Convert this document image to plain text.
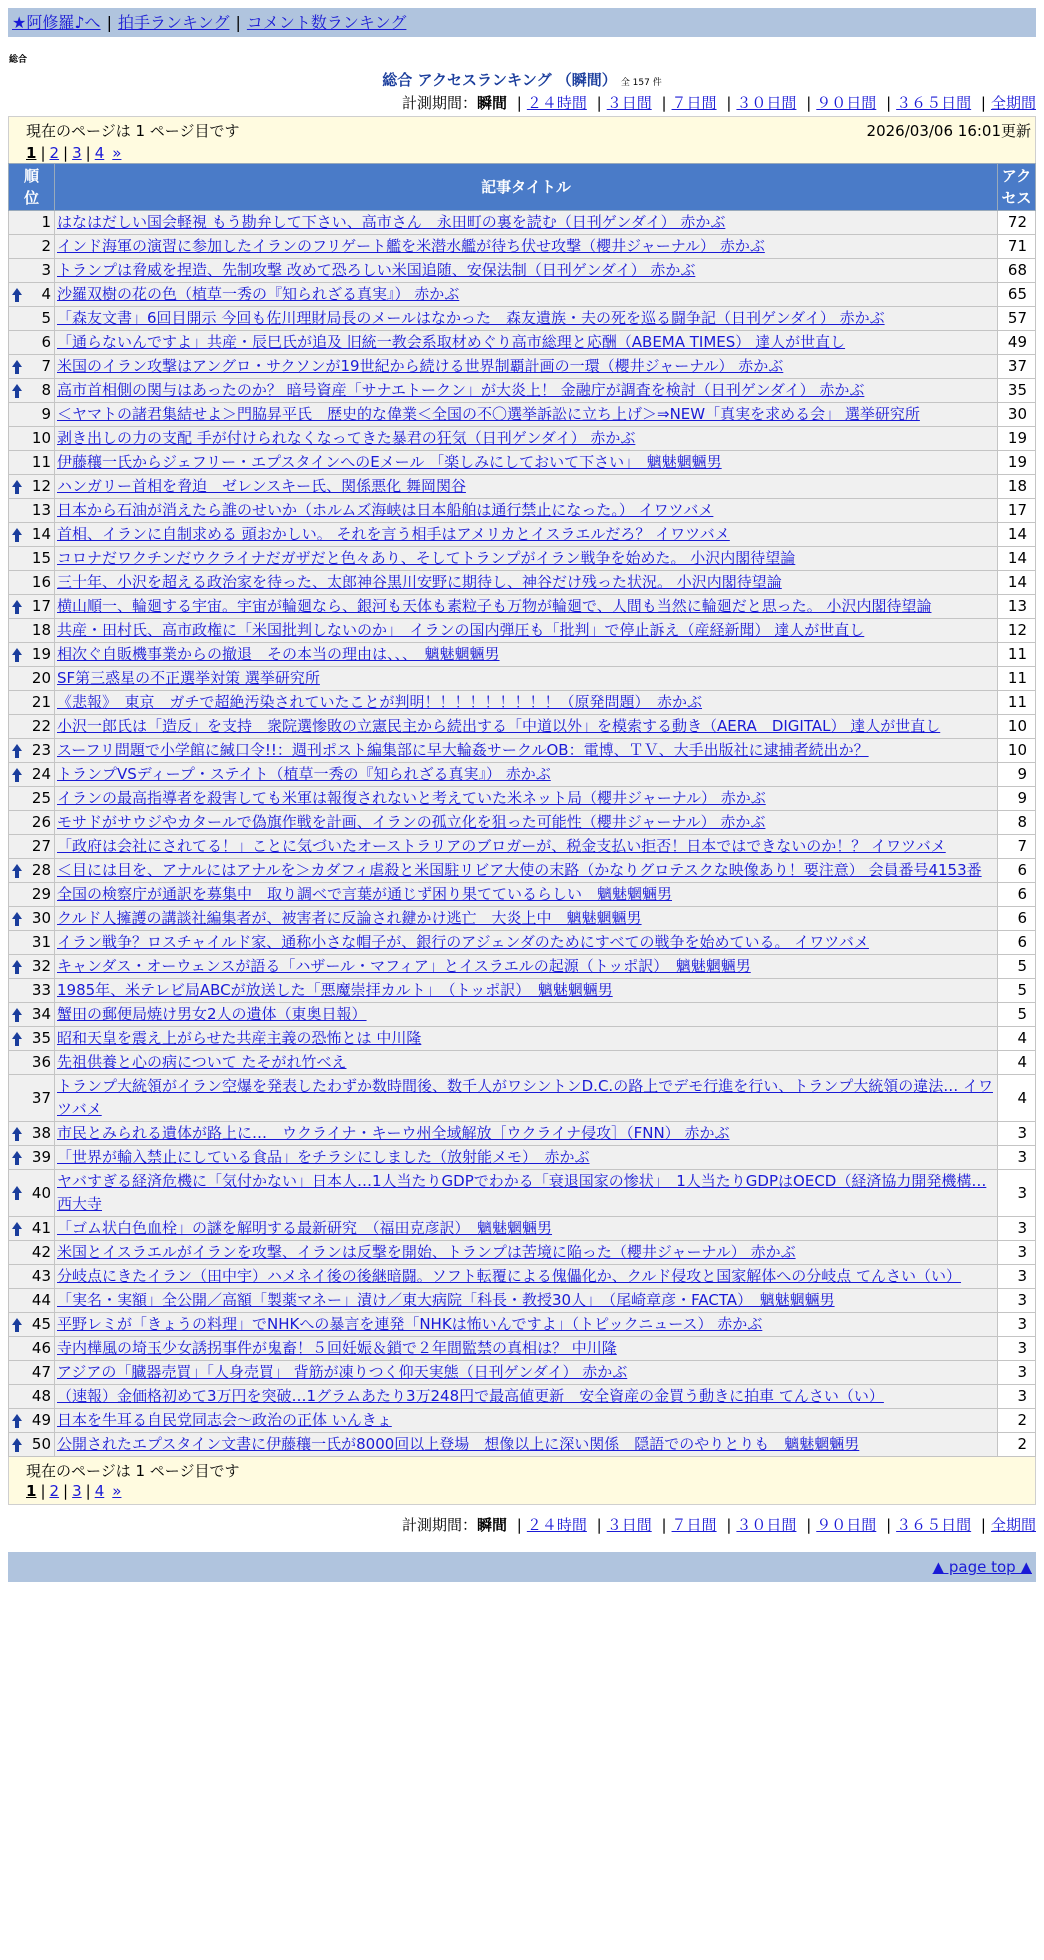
★阿修羅♪へ | 拍手ランキング | コメント数ランキング
総合
総合 アクセスランキング （瞬間） 全 157 件
計測期間：瞬間 | ２４時間 | ３日間 | ７日間 | ３０日間 | ９０日間 | ３６５日間 | 全期間
現在のページは 1 ページ目です	2026/03/06 16:01更新
1 | 2 | 3 | 4 »
順位	記事タイトル	アクセス
1	はなはだしい国会軽視 もう勘弁して下さい、高市さん　永田町の裏を読む（日刊ゲンダイ） 赤かぶ	72
2	インド海軍の演習に参加したイランのフリゲート艦を米潜水艦が待ち伏せ攻撃（櫻井ジャーナル） 赤かぶ	71
3	トランプは脅威を捏造、先制攻撃 改めて恐ろしい米国追随、安保法制（日刊ゲンダイ） 赤かぶ	68

4	沙羅双樹の花の色（植草一秀の『知られざる真実』） 赤かぶ	65
5	「森友文書」6回目開示 今回も佐川理財局長のメールはなかった　森友遺族・夫の死を巡る闘争記（日刊ゲンダイ） 赤かぶ	57
6	「通らないんですよ」共産・辰巳氏が追及 旧統一教会系取材めぐり高市総理と応酬（ABEMA TIMES） 達人が世直し	49

7	米国のイラン攻撃はアングロ・サクソンが19世紀から続ける世界制覇計画の一環（櫻井ジャーナル） 赤かぶ	37

8	高市首相側の関与はあったのか？ 暗号資産「サナエトークン」が大炎上！ 金融庁が調査を検討（日刊ゲンダイ） 赤かぶ	35
9	＜ヤマトの諸君集結せよ＞門脇昇平氏　歴史的な偉業＜全国の不〇選挙訴訟に立ち上げ＞⇒NEW「真実を求める会」 選挙研究所	30
10	剥き出しの力の支配 手が付けられなくなってきた暴君の狂気（日刊ゲンダイ） 赤かぶ	19
11	伊藤穰一氏からジェフリー・エプスタインへのEメール 「楽しみにしておいて下さい」　魑魅魍魎男	19

12	ハンガリー首相を脅迫　ゼレンスキー氏、関係悪化 舞岡関谷	18
13	日本から石油が消えたら誰のせいか（ホルムズ海峡は日本船舶は通行禁止になった。） イワツバメ	17

14	首相、イランに自制求める 頭おかしい。 それを言う相手はアメリカとイスラエルだろ？ イワツバメ	14
15	コロナだワクチンだウクライナだガザだと色々あり、そしてトランプがイラン戦争を始めた。 小沢内閣待望論	14
16	三十年、小沢を超える政治家を待った、太郎神谷黒川安野に期待し、神谷だけ残った状況。 小沢内閣待望論	14

17	横山順一、輪廻する宇宙。宇宙が輪廻なら、銀河も天体も素粒子も万物が輪廻で、人間も当然に輪廻だと思った。 小沢内閣待望論	13
18	共産・田村氏、高市政権に「米国批判しないのか」　イランの国内弾圧も「批判」で停止訴え（産経新聞） 達人が世直し	12

19	相次ぐ自販機事業からの撤退　その本当の理由は、、、　魑魅魍魎男	11
20	SF第三惑星の不正選挙対策 選挙研究所	11
21	《悲報》　東京　ガチで超絶汚染されていたことが判明！！！！！！！！！（原発問題）　赤かぶ	11
22	小沢一郎氏は「造反」を支持　衆院選惨敗の立憲民主から続出する「中道以外」を模索する動き（AERA　DIGITAL） 達人が世直し	10

23	スーフリ問題で小学館に緘口令!!：週刊ポスト編集部に早大輪姦サークルOB：電博、ＴＶ、大手出版社に逮捕者続出か？	10

24	トランプVSディープ・ステイト（植草一秀の『知られざる真実』） 赤かぶ	9
25	イランの最高指導者を殺害しても米軍は報復されないと考えていた米ネット局（櫻井ジャーナル） 赤かぶ	9
26	モサドがサウジやカタールで偽旗作戦を計画、イランの孤立化を狙った可能性（櫻井ジャーナル） 赤かぶ	8
27	「政府は会社にされてる！」ことに気づいたオーストラリアのブロガーが、税金支払い拒否！日本ではできないのか！？ イワツバメ	7

28	＜目には目を、アナルにはアナルを＞カダフィ虐殺と米国駐リビア大使の末路（かなりグロテスクな映像あり！要注意） 会員番号4153番	6
29	全国の検察庁が通訳を募集中　取り調べで言葉が通じず困り果てているらしい　魑魅魍魎男	6

30	クルド人擁護の講談社編集者が、被害者に反論され鍵かけ逃亡　大炎上中　魑魅魍魎男	6
31	イラン戦争？ロスチャイルド家、通称小さな帽子が、銀行のアジェンダのためにすべての戦争を始めている。 イワツバメ	6

32	キャンダス・オーウェンスが語る「ハザール・マフィア」とイスラエルの起源（トッポ訳）　魑魅魍魎男	5
33	1985年、米テレビ局ABCが放送した「悪魔崇拝カルト」　（トッポ訳）　魑魅魍魎男	5

34	蟹田の郵便局焼け男女2人の遺体（東奥日報）	5

35	昭和天皇を震え上がらせた共産主義の恐怖とは 中川隆	4
36	先祖供養と心の病について たそがれ竹べえ	4
37	トランプ大統領がイラン空爆を発表したわずか数時間後、数千人がワシントンD.C.の路上でデモ行進を行い、トランプ大統領の違法… イワツバメ	4

38	市民とみられる遺体が路上に…　ウクライナ・キーウ州全域解放［ウクライナ侵攻］（FNN） 赤かぶ	3

39	「世界が輸入禁止にしている食品」をチラシにしました（放射能メモ）　赤かぶ	3

40	ヤバすぎる経済危機に「気付かない」日本人…1人当たりGDPでわかる「衰退国家の惨状」　1人当たりGDPはOECD（経済協力開発機構… 西大寺	3

41	「ゴム状白色血栓」の謎を解明する最新研究　（福田克彦訳）　魑魅魍魎男	3
42	米国とイスラエルがイランを攻撃、イランは反撃を開始、トランプは苦境に陥った（櫻井ジャーナル） 赤かぶ	3
43	分岐点にきたイラン（田中宇）ハメネイ後の後継暗闘。ソフト転覆による傀儡化か、クルド侵攻と国家解体への分岐点 てんさい（い）	3
44	「実名・実額」全公開／高額「製薬マネー」漬け／東大病院「科長・教授30人」　（尾崎章彦・FACTA）　魑魅魍魎男	3

45	平野レミが「きょうの料理」でNHKへの暴言を連発「NHKは怖いんですよ」（トピックニュース） 赤かぶ	3
46	寺内樺風の埼玉少女誘拐事件が鬼畜！５回妊娠＆鎖で２年間監禁の真相は？ 中川隆	3
47	アジアの「臓器売買」「人身売買」 背筋が凍りつく仰天実態（日刊ゲンダイ） 赤かぶ	3
48	（速報）金価格初めて3万円を突破…1グラムあたり3万248円で最高値更新　安全資産の金買う動きに拍車 てんさい（い）	3

49	日本を牛耳る自民党同志会～政治の正体 いんきょ	2

50	公開されたエプスタイン文書に伊藤穰一氏が8000回以上登場　想像以上に深い関係　隠語でのやりとりも　魑魅魍魎男	2
現在のページは 1 ページ目です
1 | 2 | 3 | 4 »
計測期間：瞬間 | ２４時間 | ３日間 | ７日間 | ３０日間 | ９０日間 | ３６５日間 | 全期間
▲ page top ▲
